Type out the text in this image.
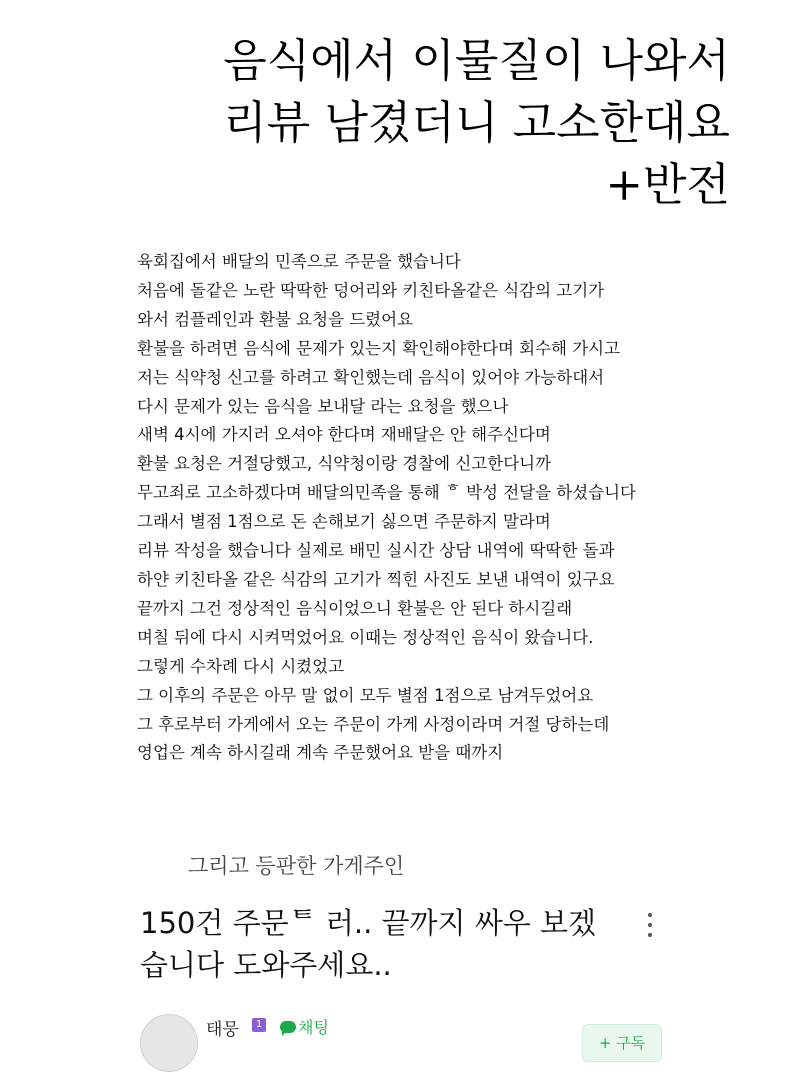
음식에서 이물질이 나와서
리뷰 남겼더니 고소한대요
+반전
육회집에서 배달의 민족으로 주문을 했습니다
처음에 돌같은 노란 딱딱한 덩어리와 키친타올같은 식감의 고기가
와서 컴플레인과 환불 요청을 드렸어요
환불을 하려면 음식에 문제가 있는지 확인해야한다며 회수해 가시고
저는 식약청 신고를 하려고 확인했는데 음식이 있어야 가능하대서
다시 문제가 있는 음식을 보내달 라는 요청을 했으나
새벽 4시에 가지러 오셔야 한다며 재배달은 안 해주신다며
환불 요청은 거절당했고, 식약청이랑 경찰에 신고한다니까
무고죄로 고소하겠다며 배달의민족을 통해 ᄒ 박성 전달을 하셨습니다
그래서 별점 1점으로 돈 손해보기 싫으면 주문하지 말라며
리뷰 작성을 했습니다 실제로 배민 실시간 상담 내역에 딱딱한 돌과
하얀 키친타올 같은 식감의 고기가 찍힌 사진도 보낸 내역이 있구요
끝까지 그건 정상적인 음식이었으니 환불은 안 된다 하시길래
며칠 뒤에 다시 시켜먹었어요 이때는 정상적인 음식이 왔습니다.
그렇게 수차례 다시 시켰었고
그 이후의 주문은 아무 말 없이 모두 별점 1점으로 남겨두었어요
그 후로부터 가게에서 오는 주문이 가게 사정이라며 거절 당하는데
영업은 계속 하시길래 계속 주문했어요 받을 때까지
그리고 등판한 가게주인
150건 주문ᄐ 러.. 끝까지 싸우 보겠
습니다 도와주세요..
태뭉	1 채팅
+ 구독
